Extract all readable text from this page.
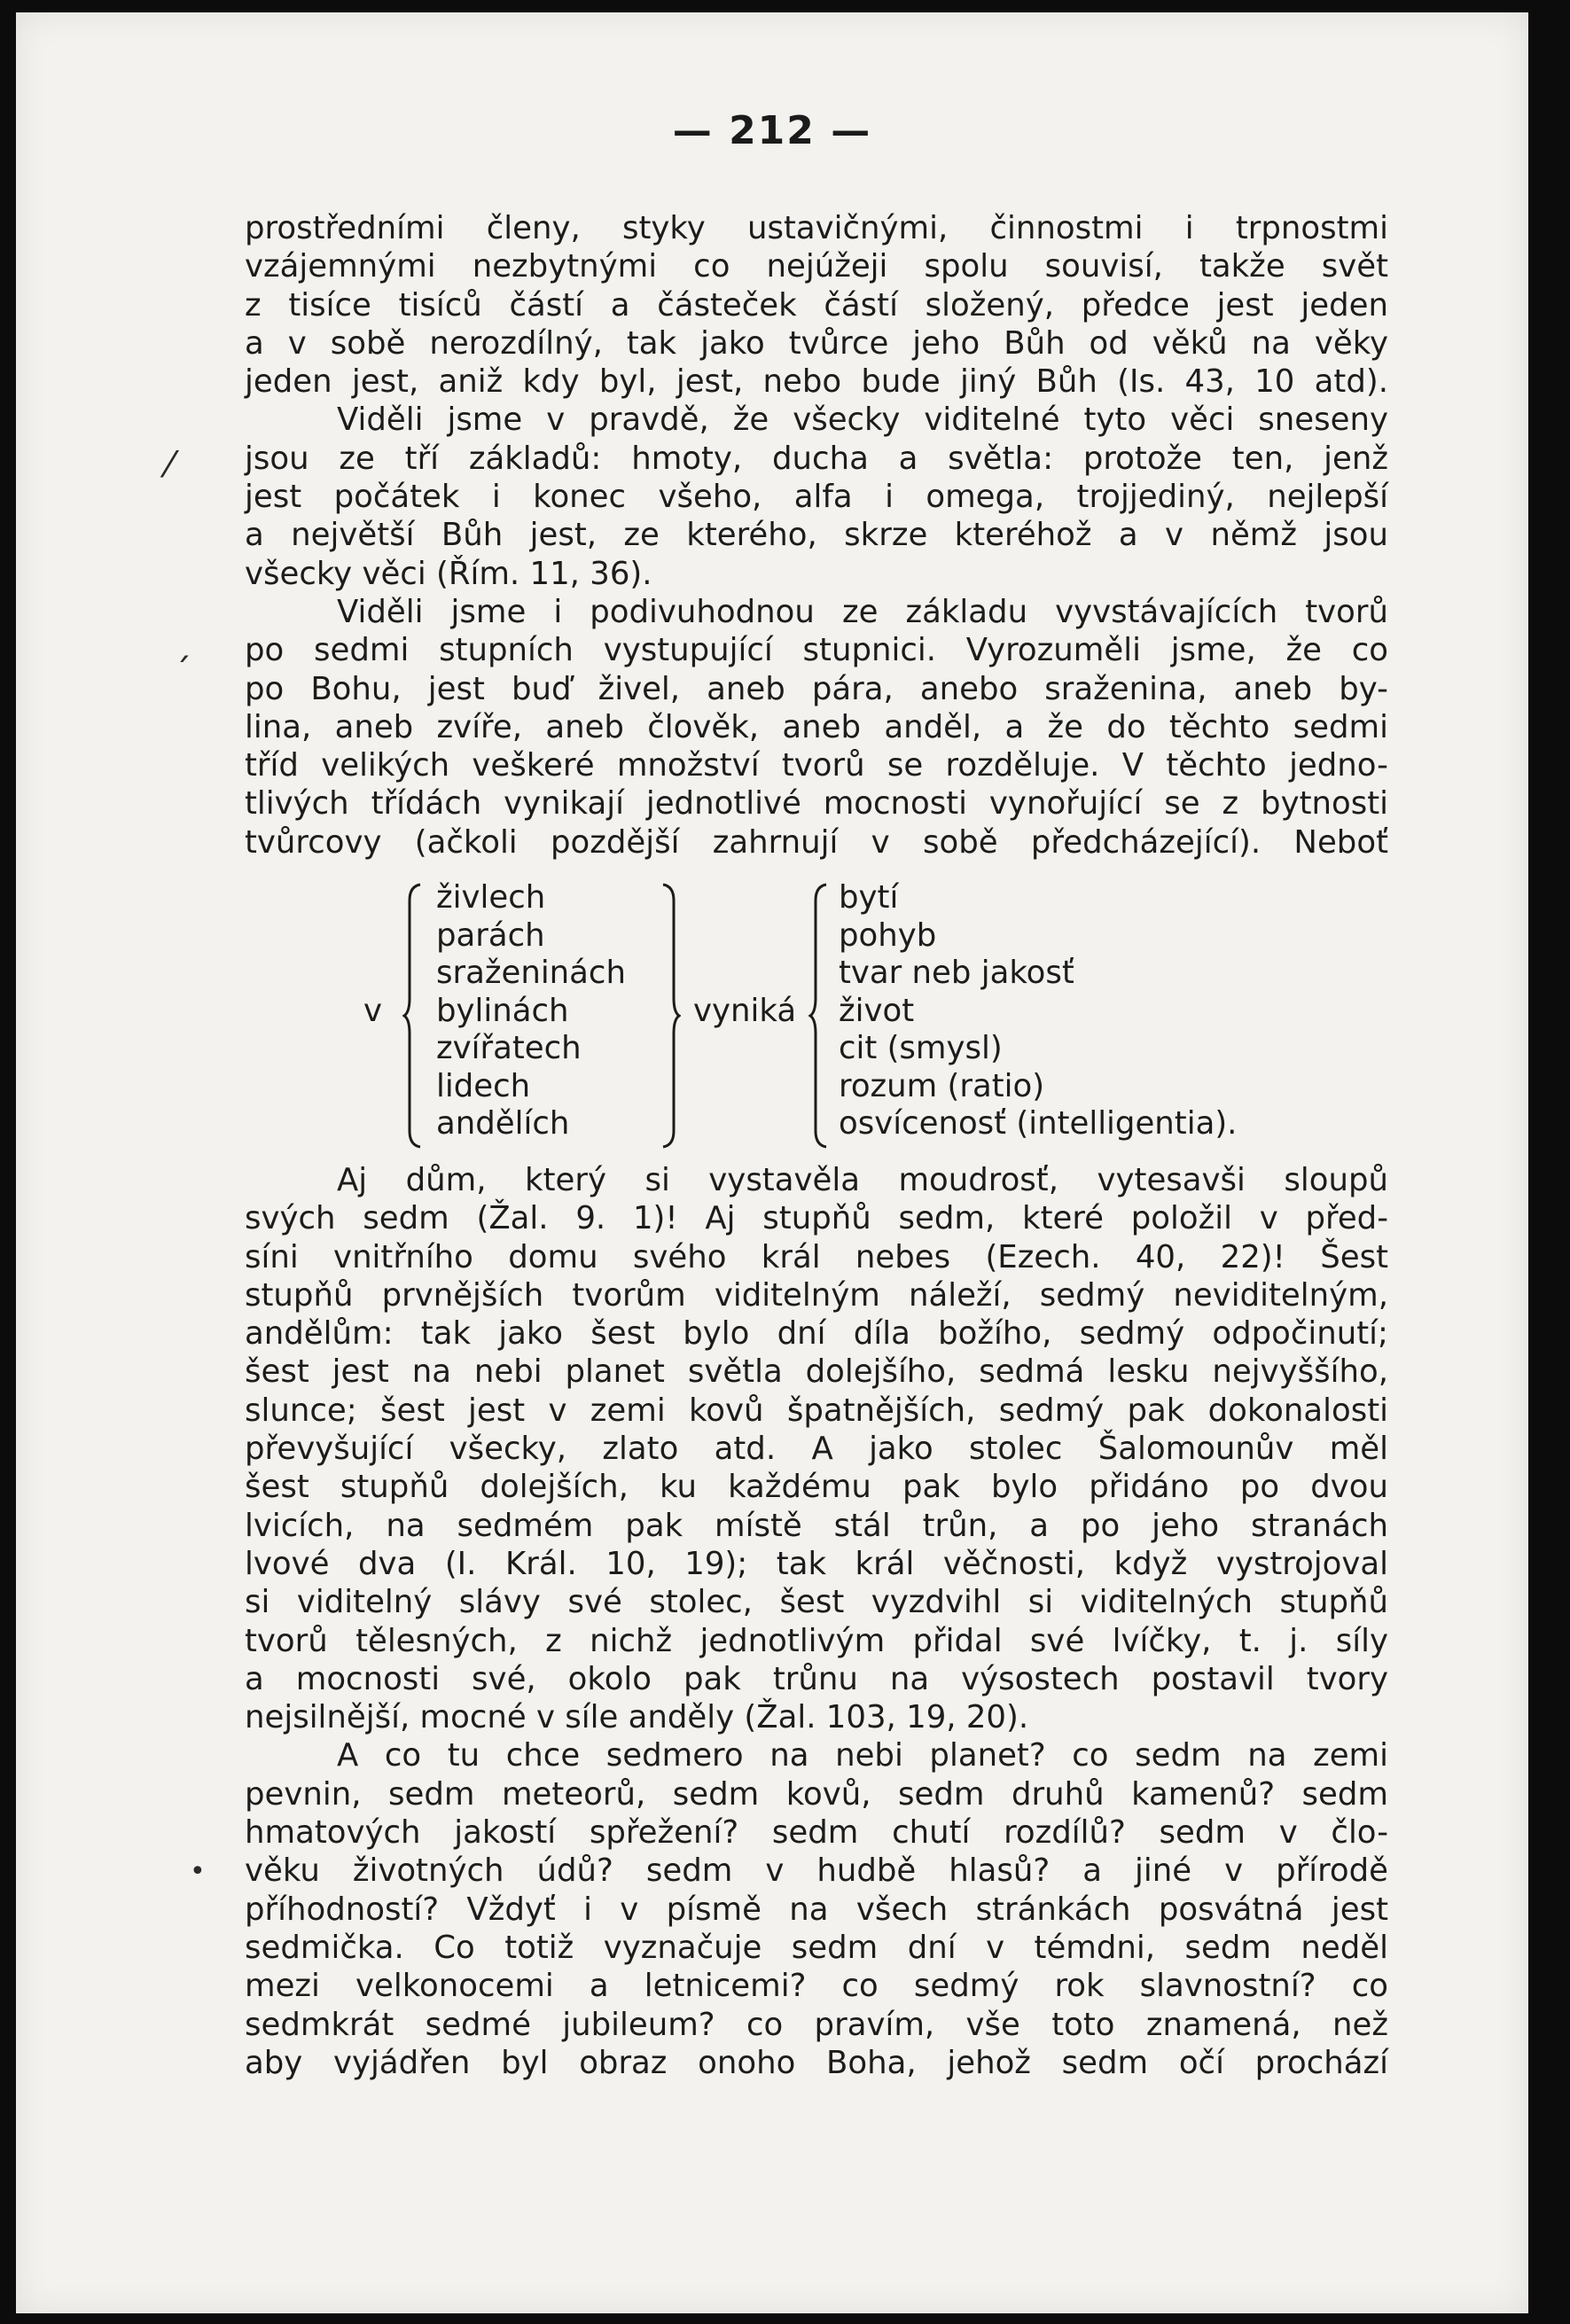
— 212 —
⁄
ˊ
•
prostředními členy, styky ustavičnými, činnostmi i trpnostmi
vzájemnými nezbytnými co nejúžeji spolu souvisí, takže svět
z tisíce tisíců částí a částeček částí složený, předce jest jeden
a v sobě nerozdílný, tak jako tvůrce jeho Bůh od věků na věky
jeden jest, aniž kdy byl, jest, nebo bude jiný Bůh (Is. 43, 10 atd).
Viděli jsme v pravdě, že všecky viditelné tyto věci sneseny
jsou ze tří základů: hmoty, ducha a světla: protože ten, jenž
jest počátek i konec všeho, alfa i omega, trojjediný, nejlepší
a největší Bůh jest, ze kterého, skrze kteréhož a v němž jsou
všecky věci (Řím. 11, 36).
Viděli jsme i podivuhodnou ze základu vyvstávajících tvorů
po sedmi stupních vystupující stupnici. Vyrozuměli jsme, že co
po Bohu, jest buď živel, aneb pára, anebo sraženina, aneb by-
lina, aneb zvíře, aneb člověk, aneb anděl, a že do těchto sedmi
tříd velikých veškeré množství tvorů se rozděluje. V těchto jedno-
tlivých třídách vynikají jednotlivé mocnosti vynořující se z bytnosti
tvůrcovy (ačkoli pozdější zahrnují v sobě předcházející). Neboť
v
živlech
parách
sraženinách
bylinách
zvířatech
lidech
andělích
vyniká
bytí
pohyb
tvar neb jakosť
život
cit (smysl)
rozum (ratio)
osvícenosť (intelligentia).
Aj dům, který si vystavěla moudrosť, vytesavši sloupů
svých sedm (Žal. 9. 1)! Aj stupňů sedm, které položil v před-
síni vnitřního domu svého král nebes (Ezech. 40, 22)! Šest
stupňů prvnějších tvorům viditelným náleží, sedmý neviditelným,
andělům: tak jako šest bylo dní díla božího, sedmý odpočinutí;
šest jest na nebi planet světla dolejšího, sedmá lesku nejvyššího,
slunce; šest jest v zemi kovů špatnějších, sedmý pak dokonalosti
převyšující všecky, zlato atd. A jako stolec Šalomounův měl
šest stupňů dolejších, ku každému pak bylo přidáno po dvou
lvicích, na sedmém pak místě stál trůn, a po jeho stranách
lvové dva (I. Král. 10, 19); tak král věčnosti, když vystrojoval
si viditelný slávy své stolec, šest vyzdvihl si viditelných stupňů
tvorů tělesných, z nichž jednotlivým přidal své lvíčky, t. j. síly
a mocnosti své, okolo pak trůnu na výsostech postavil tvory
nejsilnější, mocné v síle anděly (Žal. 103, 19, 20).
A co tu chce sedmero na nebi planet? co sedm na zemi
pevnin, sedm meteorů, sedm kovů, sedm druhů kamenů? sedm
hmatových jakostí spřežení? sedm chutí rozdílů? sedm v člo-
věku životných údů? sedm v hudbě hlasů? a jiné v přírodě
příhodností? Vždyť i v písmě na všech stránkách posvátná jest
sedmička. Co totiž vyznačuje sedm dní v témdni, sedm neděl
mezi velkonocemi a letnicemi? co sedmý rok slavnostní? co
sedmkrát sedmé jubileum? co pravím, vše toto znamená, než
aby vyjádřen byl obraz onoho Boha, jehož sedm očí prochází
